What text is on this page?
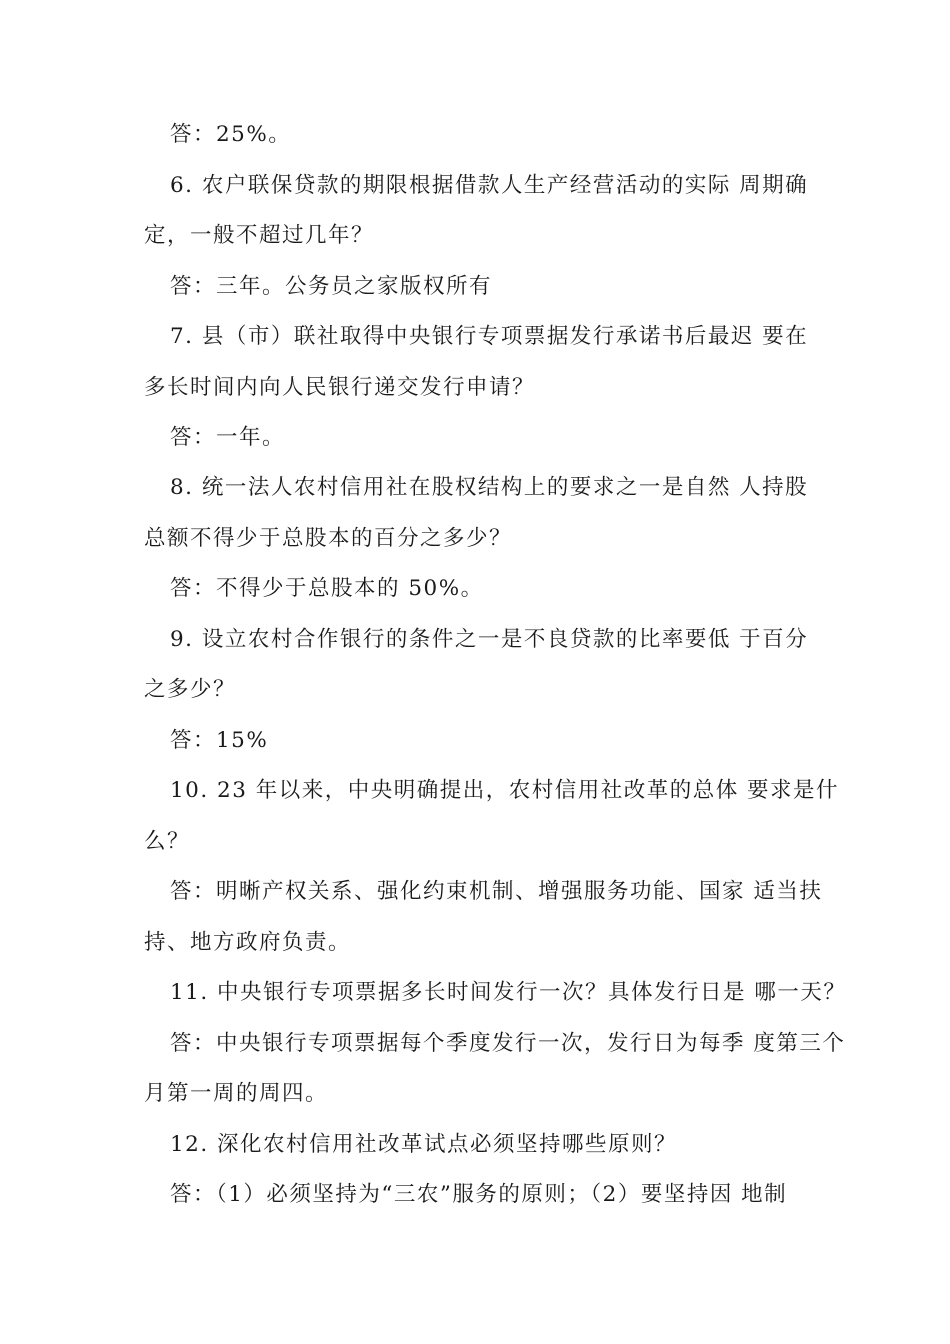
答：25%。
6. 农户联保贷款的期限根据借款人生产经营活动的实际 周期确
定，一般不超过几年？
答：三年。公务员之家版权所有
7. 县（市）联社取得中央银行专项票据发行承诺书后最迟 要在
多长时间内向人民银行递交发行申请？
答：一年。
8. 统一法人农村信用社在股权结构上的要求之一是自然 人持股
总额不得少于总股本的百分之多少？
答：不得少于总股本的 50%。
9. 设立农村合作银行的条件之一是不良贷款的比率要低 于百分
之多少？
答：15%
10. 23 年以来，中央明确提出，农村信用社改革的总体 要求是什
么？
答：明晰产权关系、强化约束机制、增强服务功能、国家 适当扶
持、地方政府负责。
11. 中央银行专项票据多长时间发行一次？具体发行日是 哪一天？
答：中央银行专项票据每个季度发行一次，发行日为每季 度第三个
月第一周的周四。
12. 深化农村信用社改革试点必须坚持哪些原则？
答：（1）必须坚持为“三农”服务的原则；（2）要坚持因 地制
